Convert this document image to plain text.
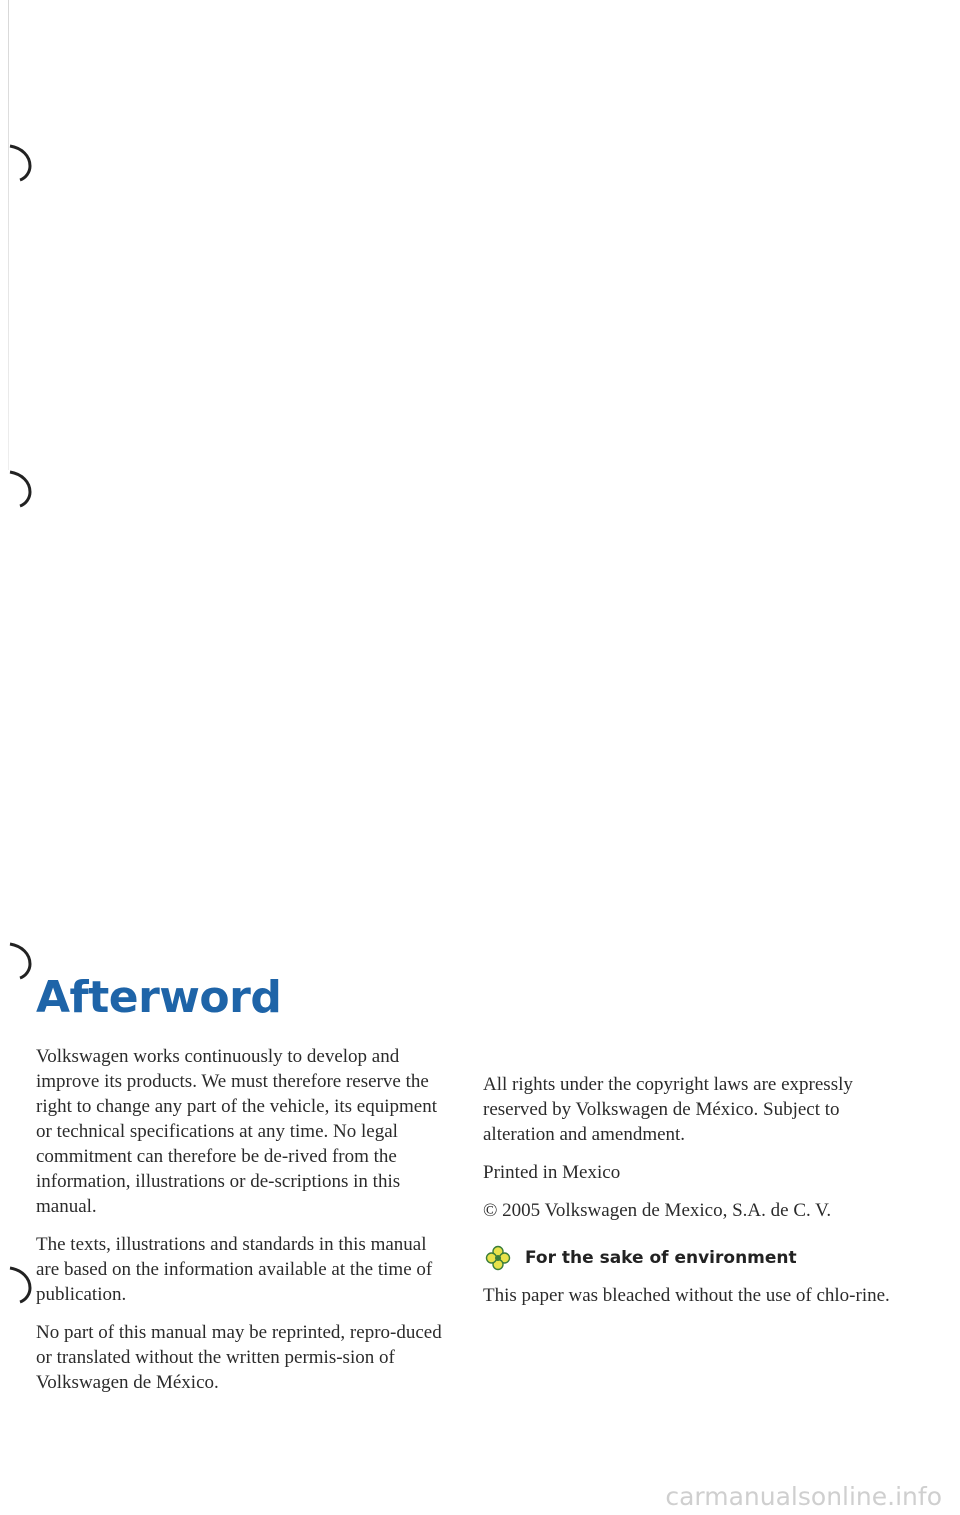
Afterword

Volkswagen works continuously to develop and improve its products. We must therefore reserve the right to change any part of the vehicle, its equipment or technical specifications at any time. No legal commitment can therefore be de-rived from the information, illustrations or de-scriptions in this manual.

The texts, illustrations and standards in this manual are based on the information available at the time of publication.

No part of this manual may be reprinted, repro-duced or translated without the written permis-sion of Volkswagen de México.

All rights under the copyright laws are expressly reserved by Volkswagen de México. Subject to alteration and amendment.

Printed in Mexico

© 2005 Volkswagen de Mexico, S.A. de C. V.

For the sake of environment

This paper was bleached without the use of chlo-rine.

carmanualsonline.info
